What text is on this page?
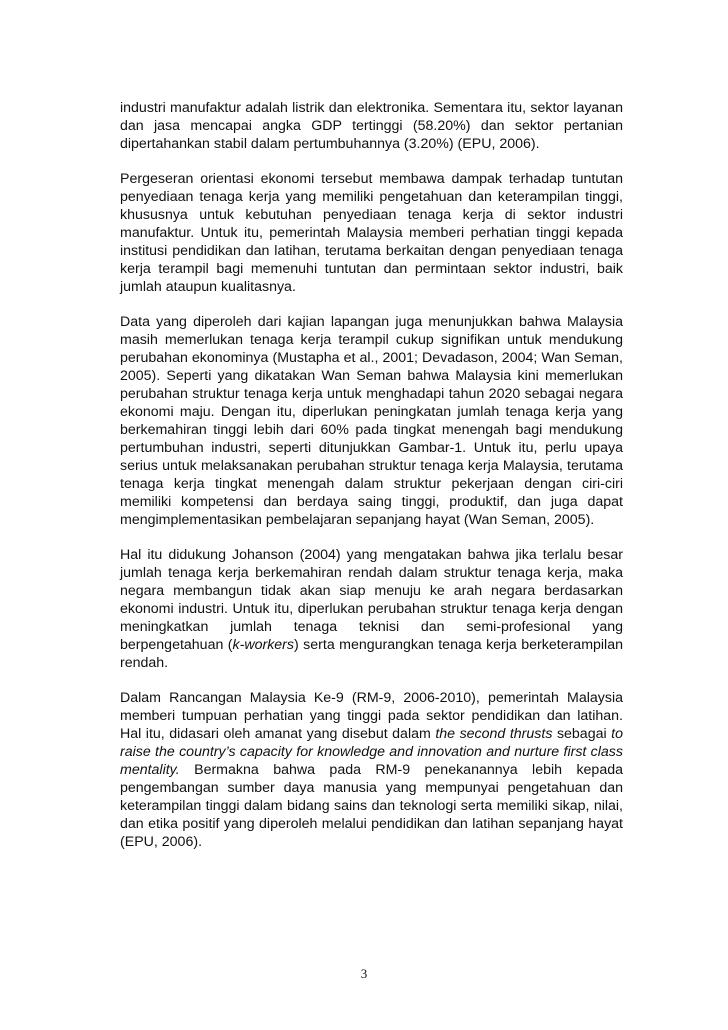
industri manufaktur adalah listrik dan elektronika. Sementara itu, sektor layanan dan jasa mencapai angka GDP tertinggi (58.20%) dan sektor pertanian dipertahankan stabil dalam pertumbuhannya (3.20%) (EPU, 2006).

Pergeseran orientasi ekonomi tersebut membawa dampak terhadap tuntutan penyediaan tenaga kerja yang memiliki pengetahuan dan keterampilan tinggi, khususnya untuk kebutuhan penyediaan tenaga kerja di sektor industri manufaktur. Untuk itu, pemerintah Malaysia memberi perhatian tinggi kepada institusi pendidikan dan latihan, terutama berkaitan dengan penyediaan tenaga kerja terampil bagi memenuhi tuntutan dan permintaan sektor industri, baik jumlah ataupun kualitasnya.

Data yang diperoleh dari kajian lapangan juga menunjukkan bahwa Malaysia masih memerlukan tenaga kerja terampil cukup signifikan untuk mendukung perubahan ekonominya (Mustapha et al., 2001; Devadason, 2004; Wan Seman, 2005). Seperti yang dikatakan Wan Seman bahwa Malaysia kini memerlukan perubahan struktur tenaga kerja untuk menghadapi tahun 2020 sebagai negara ekonomi maju. Dengan itu, diperlukan peningkatan jumlah tenaga kerja yang berkemahiran tinggi lebih dari 60% pada tingkat menengah bagi mendukung pertumbuhan industri, seperti ditunjukkan Gambar-1. Untuk itu, perlu upaya serius untuk melaksanakan perubahan struktur tenaga kerja Malaysia, terutama tenaga kerja tingkat menengah dalam struktur pekerjaan dengan ciri-ciri memiliki kompetensi dan berdaya saing tinggi, produktif, dan juga dapat mengimplementasikan pembelajaran sepanjang hayat (Wan Seman, 2005).

Hal itu didukung Johanson (2004) yang mengatakan bahwa jika terlalu besar jumlah tenaga kerja berkemahiran rendah dalam struktur tenaga kerja, maka negara membangun tidak akan siap menuju ke arah negara berdasarkan ekonomi industri. Untuk itu, diperlukan perubahan struktur tenaga kerja dengan meningkatkan jumlah tenaga teknisi dan semi-profesional yang berpengetahuan (k-workers) serta mengurangkan tenaga kerja berketerampilan rendah.

Dalam Rancangan Malaysia Ke-9 (RM-9, 2006-2010), pemerintah Malaysia memberi tumpuan perhatian yang tinggi pada sektor pendidikan dan latihan. Hal itu, didasari oleh amanat yang disebut dalam the second thrusts sebagai to raise the country’s capacity for knowledge and innovation and nurture first class mentality. Bermakna bahwa pada RM-9 penekanannya lebih kepada pengembangan sumber daya manusia yang mempunyai pengetahuan dan keterampilan tinggi dalam bidang sains dan teknologi serta memiliki sikap, nilai, dan etika positif yang diperoleh melalui pendidikan dan latihan sepanjang hayat (EPU, 2006).

3
